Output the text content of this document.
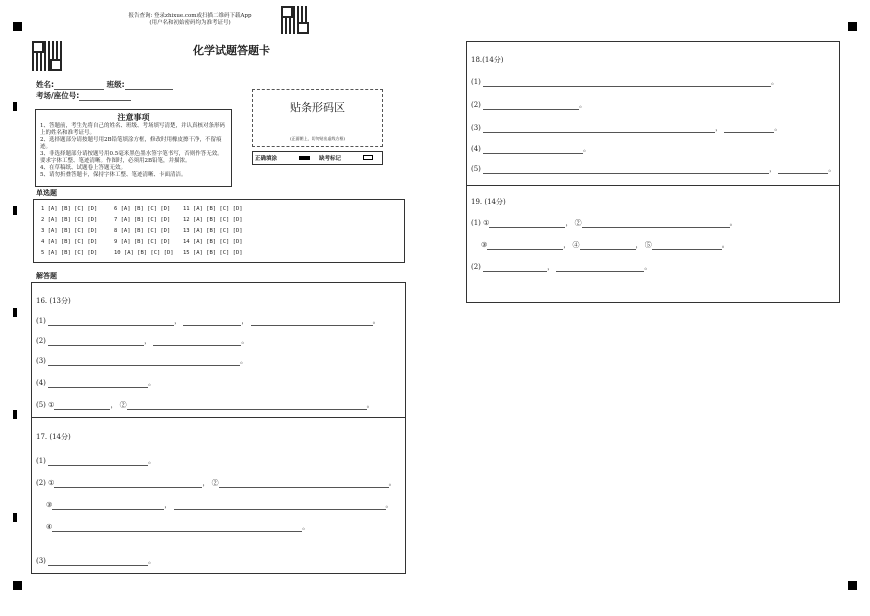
报告查询: 登录zhixue.com或扫描二维码下载App
(用户名和初始密码均为准考证号)
化学试题答题卡
姓名:	班级:
考场/座位号:
注意事项
1、答题前，考生先将自己的姓名、班级、考场填写清楚，并认真核对条形码上的姓名和准考证号。
2、选择题部分请按题号用2B铅笔填涂方框，修改时用橡皮擦干净，不留痕迹。
3、非选择题部分请按题号用0.5毫米黑色墨水签字笔书写，否则作答无效。要求字体工整、笔迹清晰。作图时，必须用2B铅笔，并描浓。
4、在草稿纸、试题卷上答题无效。
5、请勿折叠答题卡，保持字体工整、笔迹清晰、卡面清洁。
贴条形码区
(正面朝上，切勿贴出虚线方框)
正确填涂	缺考标记
单选题
1 [A] [B] [C] [D]	6 [A] [B] [C] [D] 11 [A] [B] [C] [D]
2 [A] [B] [C] [D]	7 [A] [B] [C] [D] 12 [A] [B] [C] [D]
3 [A] [B] [C] [D]	8 [A] [B] [C] [D] 13 [A] [B] [C] [D]
4 [A] [B] [C] [D]	9 [A] [B] [C] [D] 14 [A] [B] [C] [D]
5 [A] [B] [C] [D]	10 [A] [B] [C] [D] 15 [A] [B] [C] [D]
解答题
16. (13分)
(1)	，	，	。
(2)	，	。
(3)	。
(4)	。
(5) ①	， ②	。
17. (14分)
(1)	。
(2) ①	， ②	。
③	，	。
④	。
(3)	。
18.(14分)
(1)	。
(2)	。
(3)	，	。
(4)	。
(5)	，	。
19. (14分)
(1) ①	， ②	。
③	， ④	， ⑤	。
(2)	，	。
